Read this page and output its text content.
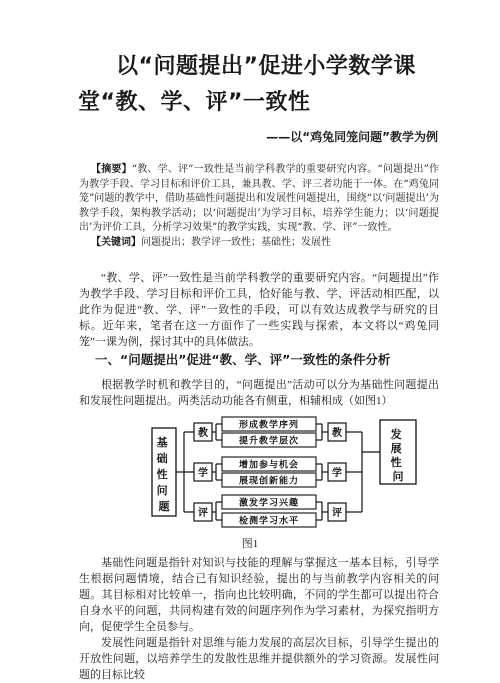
以“问题提出”促进小学数学课
堂“教、学、评”一致性
——以“鸡兔同笼问题”教学为例

【摘要】“教、学、评”一致性是当前学科教学的重要研究内容。“问题提出”作为教学手段、学习目标和评价工具，兼具教、学、评三者功能于一体。在“鸡兔同笼”问题的教学中，借助基础性问题提出和发展性问题提出，围绕“以‘问题提出’为教学手段，架构教学活动；以‘问题提出’为学习目标，培养学生能力；以‘问题提出’为评价工具，分析学习效果”的教学实践，实现“教、学、评”一致性。

【关键词】问题提出；教学评一致性；基础性；发展性

“教、学、评”一致性是当前学科教学的重要研究内容。“问题提出”作为教学手段、学习目标和评价工具，恰好能与教、学、评活动相匹配，以此作为促进“教、学、评”一致性的手段，可以有效达成教学与研究的目标。近年来，笔者在这一方面作了一些实践与探索，本文将以“鸡兔同笼”一课为例，探讨其中的具体做法。

一、“问题提出”促进“教、学、评”一致性的条件分析

根据教学时机和教学目的，“问题提出”活动可以分为基础性问题提出和发展性问题提出。两类活动功能各有侧重，相辅相成（如图1）

基 础 性 问 题
发 展 性 问
教
学
评
形成教学序列
提升教学层次
增加参与机会
展现创新能力
激发学习兴趣
检测学习水平
教
学
评
图1

基础性问题是指针对知识与技能的理解与掌握这一基本目标，引导学生根据问题情境，结合已有知识经验，提出的与当前教学内容相关的问题。其目标相对比较单一，指向也比较明确，不同的学生都可以提出符合自身水平的问题，共同构建有效的问题序列作为学习素材，为探究指明方向，促使学生全员参与。

发展性问题是指针对思维与能力发展的高层次目标，引导学生提出的开放性问题，以培养学生的发散性思维并提供额外的学习资源。发展性问题的目标比较
